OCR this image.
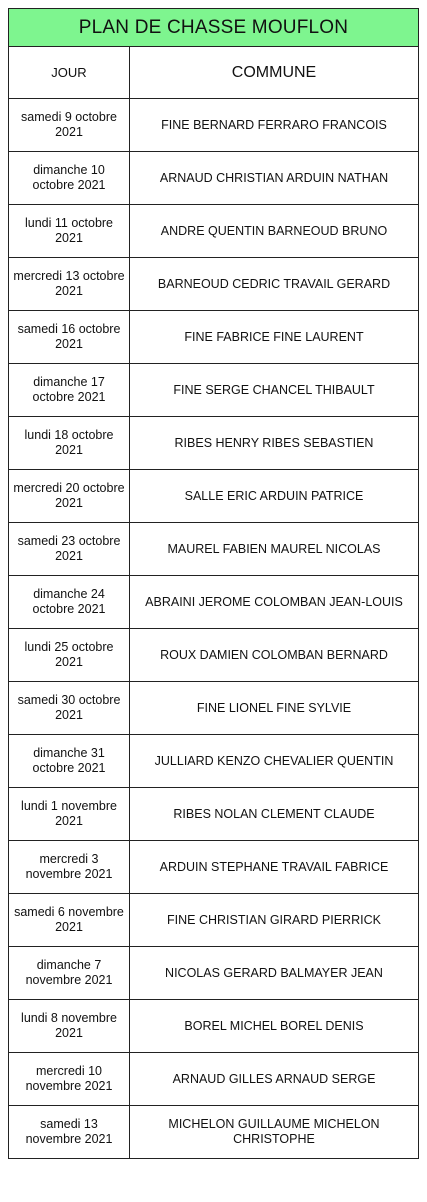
PLAN DE CHASSE MOUFLON	
JOUR	COMMUNE
samedi 9 octobre 2021	FINE BERNARD FERRARO FRANCOIS
dimanche 10 octobre 2021	ARNAUD CHRISTIAN ARDUIN NATHAN
lundi 11 octobre 2021	ANDRE QUENTIN BARNEOUD BRUNO
mercredi 13 octobre 2021	BARNEOUD CEDRIC TRAVAIL GERARD
samedi 16 octobre 2021	FINE FABRICE FINE LAURENT
dimanche 17 octobre 2021	FINE SERGE CHANCEL THIBAULT
lundi 18 octobre 2021	RIBES HENRY RIBES SEBASTIEN
mercredi 20 octobre 2021	SALLE ERIC ARDUIN PATRICE
samedi 23 octobre 2021	MAUREL FABIEN MAUREL NICOLAS
dimanche 24 octobre 2021	ABRAINI JEROME COLOMBAN JEAN-LOUIS
lundi 25 octobre 2021	ROUX DAMIEN COLOMBAN BERNARD
samedi 30 octobre 2021	FINE LIONEL FINE SYLVIE
dimanche 31 octobre 2021	JULLIARD KENZO CHEVALIER QUENTIN
lundi 1 novembre 2021	RIBES NOLAN CLEMENT CLAUDE
mercredi 3 novembre 2021	ARDUIN STEPHANE TRAVAIL FABRICE
samedi 6 novembre 2021	FINE CHRISTIAN GIRARD PIERRICK
dimanche 7 novembre 2021	NICOLAS GERARD BALMAYER JEAN
lundi 8 novembre 2021	BOREL MICHEL BOREL DENIS
mercredi 10 novembre 2021	ARNAUD GILLES ARNAUD SERGE
samedi 13 novembre 2021	MICHELON GUILLAUME MICHELON CHRISTOPHE
